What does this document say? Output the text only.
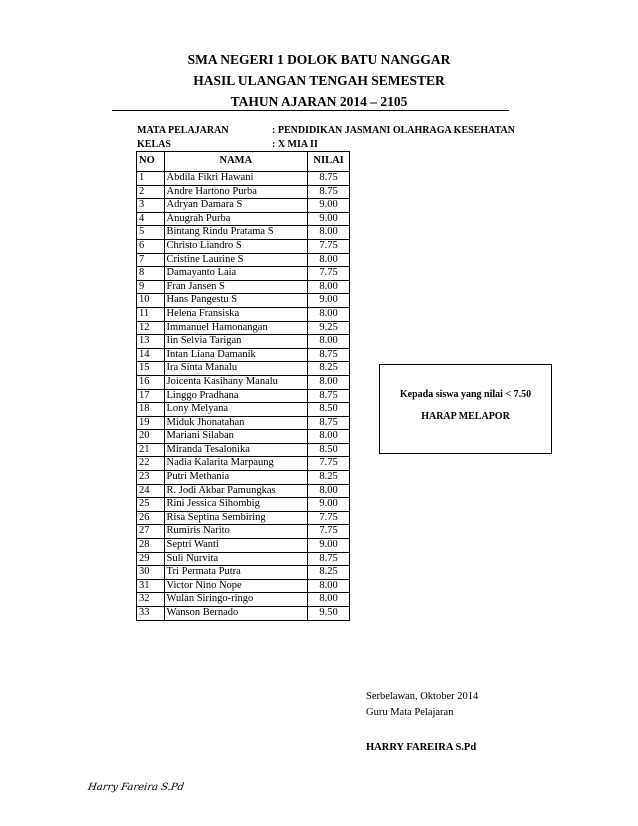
SMA NEGERI 1 DOLOK BATU NANGGAR
HASIL ULANGAN TENGAH SEMESTER
TAHUN AJARAN 2014 – 2105
MATA PELAJARAN	: PENDIDIKAN JASMANI OLAHRAGA KESEHATAN
KELAS	: X MIA II
NO	NAMA	NILAI
1	Abdila Fikri Hawani	8.75
2	Andre Hartono Purba	8.75
3	Adryan Damara S	9.00
4	Anugrah Purba	9.00
5	Bintang Rindu Pratama S	8.00
6	Christo Liandro S	7.75
7	Cristine Laurine S	8.00
8	Damayanto Laia	7.75
9	Fran Jansen S	8.00
10	Hans Pangestu S	9.00
11	Helena Fransiska	8.00
12	Immanuel Hamonangan	9.25
13	Iin Selvia Tarigan	8.00
14	Intan Liana Damanik	8.75
15	Ira Sinta Manalu	8.25
16	Joicenta Kasihany Manalu	8.00
17	Linggo Pradhana	8.75
18	Lony Melyana	8.50
19	Miduk Jhonatahan	8.75
20	Mariani Silaban	8.00
21	Miranda Tesalonika	8.50
22	Nadia Kalarita Marpaung	7.75
23	Putri Methania	8.25
24	R. Jodi Akbar Pamungkas	8.00
25	Rini Jessica Sihombig	9.00
26	Risa Septina Sembiring	7.75
27	Rumiris Narito	7.75
28	Septri Wanti	9.00
29	Suli Nurvita	8.75
30	Tri Permata Putra	8.25
31	Victor Nino Nope	8.00
32	Wulan Siringo-ringo	8.00
33	Wanson Bernado	9.50
Kepada siswa yang nilai < 7.50
HARAP MELAPOR
Serbelawan, Oktober 2014
Guru Mata Pelajaran
HARRY FAREIRA S.Pd
Harry Fareira S.Pd
